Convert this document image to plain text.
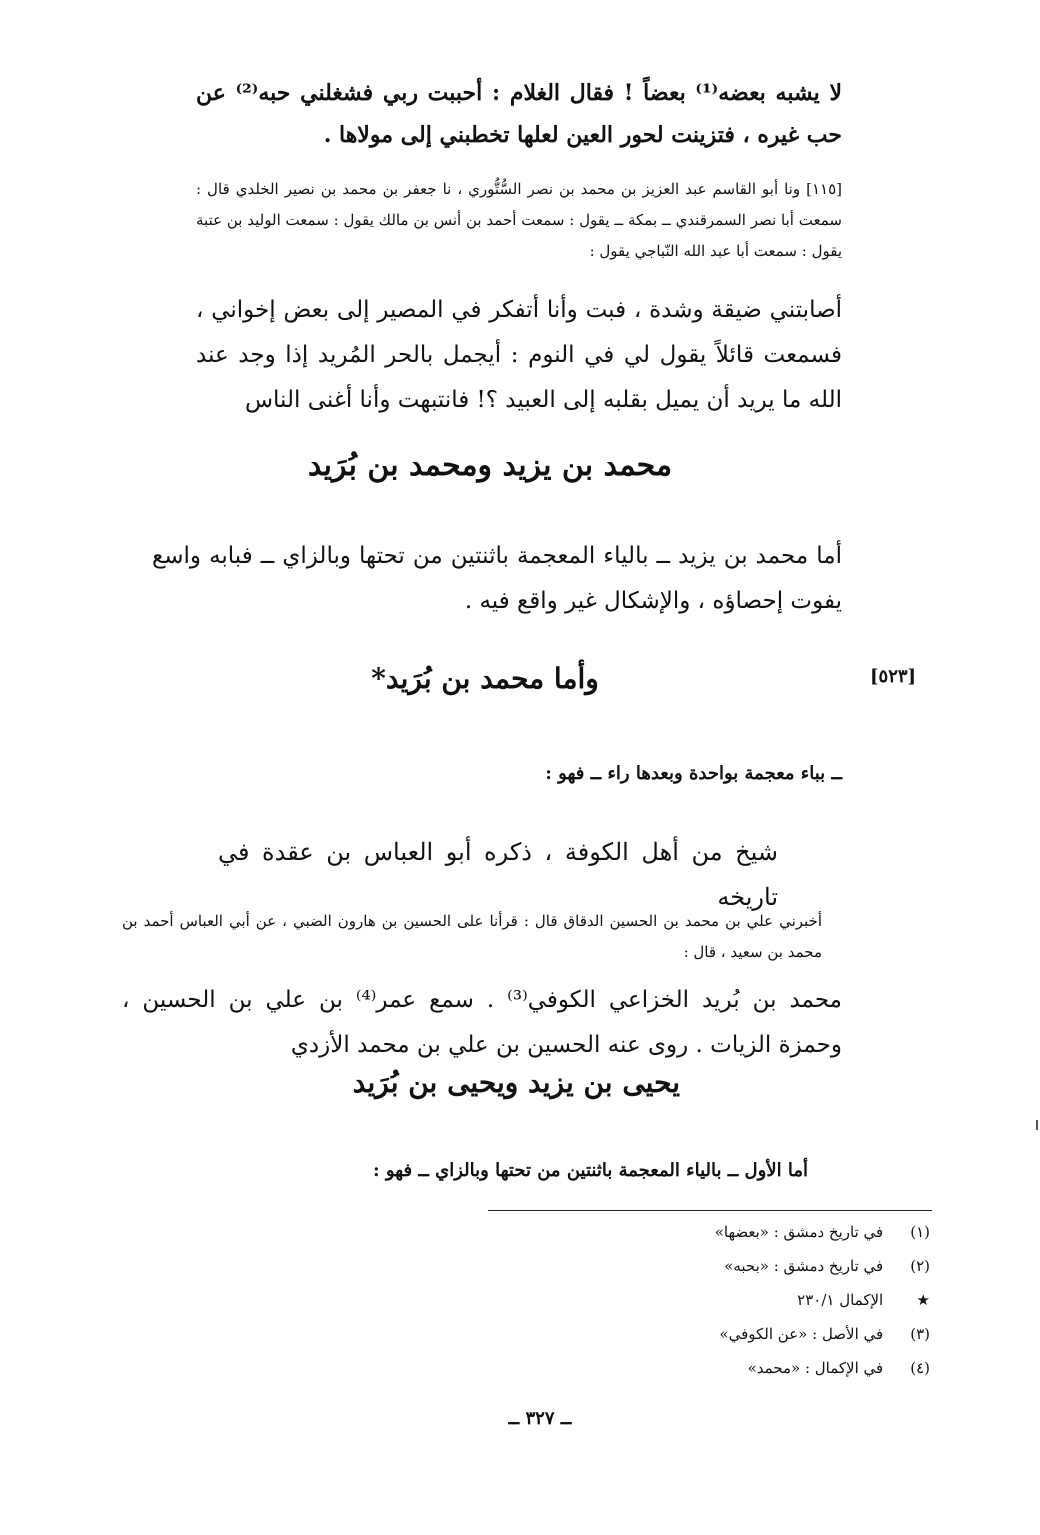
لا يشبه بعضه⁽¹⁾ بعضاً ! فقال الغلام : أحببت ربي فشغلني حبه⁽²⁾ عن حب غيره ، فتزينت لحور العين لعلها تخطبني إلى مولاها .

[١١٥] ونا أبو القاسم عبد العزيز بن محمد بن نصر السُّتُّوري ، نا جعفر بن محمد بن نصير الخلدي قال : سمعت أبا نصر السمرقندي ــ بمكة ــ يقول : سمعت أحمد بن أنس بن مالك يقول : سمعت الوليد بن عتبة يقول : سمعت أبا عبد الله النّباجي يقول :

أصابتني ضيقة وشدة ، فبت وأنا أتفكر في المصير إلى بعض إخواني ، فسمعت قائلاً يقول لي في النوم : أيجمل بالحر المُريد إذا وجد عند الله ما يريد أن يميل بقلبه إلى العبيد ؟! فانتبهت وأنا أغنى الناس

محمد بن يزيد ومحمد بن بُرَيد

أما محمد بن يزيد ــ بالياء المعجمة باثنتين من تحتها وبالزاي ــ فبابه واسع يفوت إحصاؤه ، والإشكال غير واقع فيه .

[٥٢٣]
وأما محمد بن بُرَيد*
ــ بباء معجمة بواحدة وبعدها راء ــ فهو :

شيخ من أهل الكوفة ، ذكره أبو العباس بن عقدة في تاريخه

أخبرني علي بن محمد بن الحسين الدقاق قال : قرأنا على الحسين بن هارون الضبي ، عن أبي العباس أحمد بن محمد بن سعيد ، قال :

محمد بن بُريد الخزاعي الكوفي⁽³⁾ . سمع عمر⁽⁴⁾ بن علي بن الحسين ، وحمزة الزيات . روى عنه الحسين بن علي بن محمد الأزدي

يحيى بن يزيد ويحيى بن بُرَيد
أما الأول ــ بالياء المعجمة باثنتين من تحتها وبالزاي ــ فهو :
(١) في تاريخ دمشق : «بعضها»
(٢) في تاريخ دمشق : «بحبه»
★ الإكمال ٢٣٠/١
(٣) في الأصل : «عن الكوفي»
(٤) في الإكمال : «محمد»
ــ ٣٢٧ ــ
